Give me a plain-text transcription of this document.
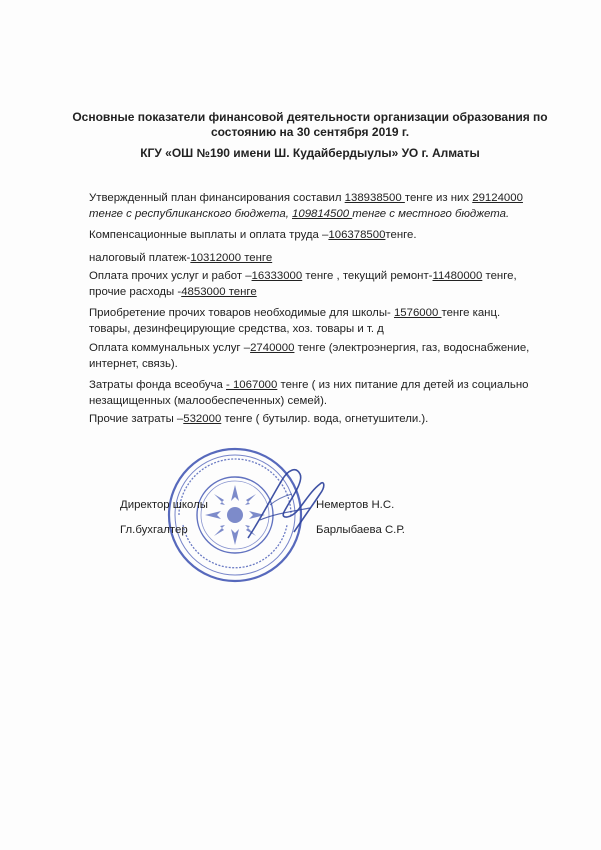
Основные показатели финансовой деятельности организации образования по состоянию на 30 сентября 2019 г.
КГУ «ОШ №190 имени Ш. Кудайбердыулы» УО г. Алматы
Утвержденный план финансирования составил 138938500 тенге из них 29124000
тенге с республиканского бюджета, 109814500 тенге с местного бюджета.
Компенсационные выплаты и оплата труда –106378500тенге.
налоговый платеж-10312000 тенге
Оплата прочих услуг и работ –16333000 тенге , текущий ремонт-11480000 тенге,
прочие расходы -4853000 тенге
Приобретение прочих товаров необходимые для школы- 1576000 тенге канц.
товары, дезинфецирующие средства, хоз. товары и т. д
Оплата коммунальных услуг –2740000 тенге (электроэнергия, газ, водоснабжение, интернет, связь).
Затраты фонда всеобуча - 1067000 тенге ( из них питание для детей из социально незащищенных (малообеспеченных) семей).
Прочие затраты –532000 тенге ( бутылир. вода, огнетушители.).
Директор школы	Немертов Н.С.
Гл.бухгалтер	Барлыбаева С.Р.
